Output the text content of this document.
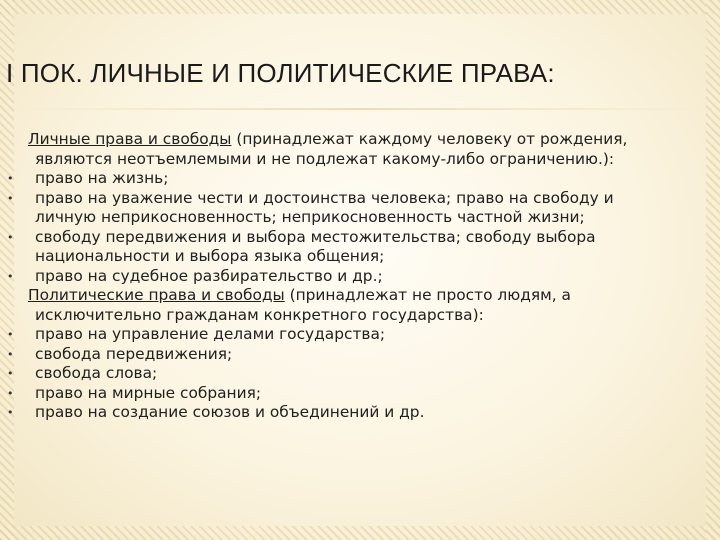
I ПОК. ЛИЧНЫЕ И ПОЛИТИЧЕСКИЕ ПРАВА:

Личные права и свободы (принадлежат каждому человеку от рождения,

являются неотъемлемыми и не подлежат какому-либо ограничению.):

• право на жизнь;

• право на уважение чести и достоинства человека; право на свободу и

личную неприкосновенность; неприкосновенность частной жизни;

• свободу передвижения и выбора местожительства; свободу выбора

национальности и выбора языка общения;

• право на судебное разбирательство и др.;

Политические права и свободы (принадлежат не просто людям, а

исключительно гражданам конкретного государства):

• право на управление делами государства;

• свобода передвижения;

• свобода слова;

• право на мирные собрания;

• право на создание союзов и объединений и др.
